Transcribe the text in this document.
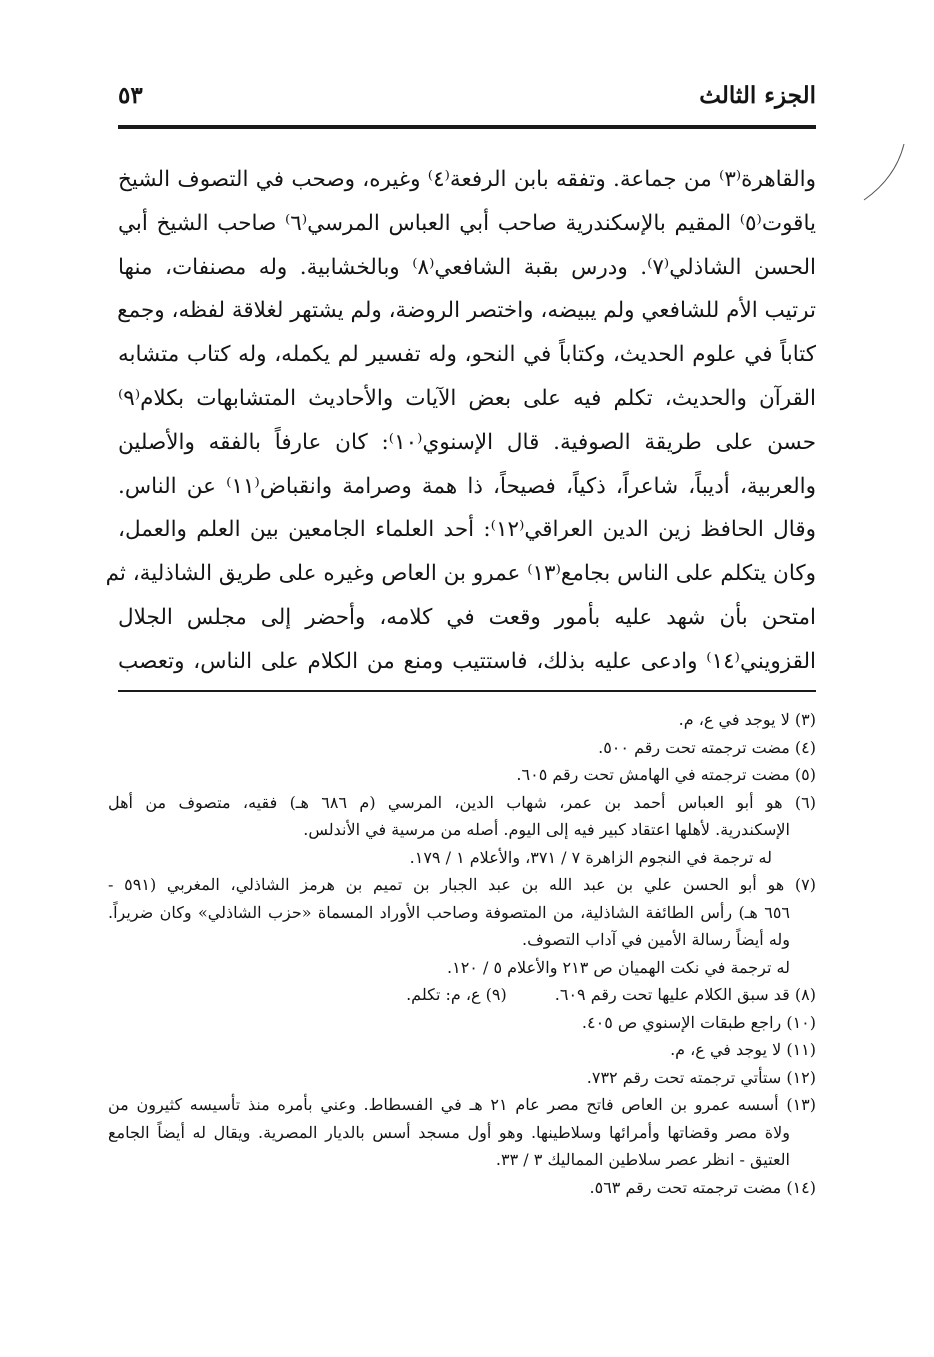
الجزء الثالث
٥٣
والقاهرة⁽٣⁾ من جماعة. وتفقه بابن الرفعة⁽٤⁾ وغيره، وصحب في التصوف الشيخ
ياقوت⁽٥⁾ المقيم بالإسكندرية صاحب أبي العباس المرسي⁽٦⁾ صاحب الشيخ أبي
الحسن الشاذلي⁽٧⁾. ودرس بقبة الشافعي⁽٨⁾ وبالخشابية. وله مصنفات، منها
ترتيب الأم للشافعي ولم يبيضه، واختصر الروضة، ولم يشتهر لغلاقة لفظه، وجمع
كتاباً في علوم الحديث، وكتاباً في النحو، وله تفسير لم يكمله، وله كتاب متشابه
القرآن والحديث، تكلم فيه على بعض الآيات والأحاديث المتشابهات بكلام⁽٩⁾
حسن على طريقة الصوفية. قال الإسنوي⁽١٠⁾: كان عارفاً بالفقه والأصلين
والعربية، أديباً، شاعراً، ذكياً، فصيحاً، ذا همة وصرامة وانقباض⁽١١⁾ عن الناس.
وقال الحافظ زين الدين العراقي⁽١٢⁾: أحد العلماء الجامعين بين العلم والعمل،
وكان يتكلم على الناس بجامع⁽١٣⁾ عمرو بن العاص وغيره على طريق الشاذلية، ثم
امتحن بأن شهد عليه بأمور وقعت في كلامه، وأحضر إلى مجلس الجلال
القزويني⁽١٤⁾ وادعى عليه بذلك، فاستتيب ومنع من الكلام على الناس، وتعصب
(٣) لا يوجد في ع، م.
(٤) مضت ترجمته تحت رقم ٥٠٠.
(٥) مضت ترجمته في الهامش تحت رقم ٦٠٥.
(٦) هو أبو العباس أحمد بن عمر، شهاب الدين، المرسي (م ٦٨٦ هـ) فقيه، متصوف من أهل
الإسكندرية. لأهلها اعتقاد كبير فيه إلى اليوم. أصله من مرسية في الأندلس.
له ترجمة في النجوم الزاهرة ٧ / ٣٧١، والأعلام ١ / ١٧٩.
(٧) هو أبو الحسن علي بن عبد الله بن عبد الجبار بن تميم بن هرمز الشاذلي، المغربي (٥٩١ -
٦٥٦ هـ) رأس الطائفة الشاذلية، من المتصوفة وصاحب الأوراد المسماة «حزب الشاذلي» وكان ضريراً.
وله أيضاً رسالة الأمين في آداب التصوف.
له ترجمة في نكت الهميان ص ٢١٣ والأعلام ٥ / ١٢٠.
(٨) قد سبق الكلام عليها تحت رقم ٦٠٩.(٩) ع، م: تكلم.
(١٠) راجع طبقات الإسنوي ص ٤٠٥.
(١١) لا يوجد في ع، م.
(١٢) ستأتي ترجمته تحت رقم ٧٣٢.
(١٣) أسسه عمرو بن العاص فاتح مصر عام ٢١ هـ في الفسطاط. وعني بأمره منذ تأسيسه كثيرون من
ولاة مصر وقضاتها وأمرائها وسلاطينها. وهو أول مسجد أسس بالديار المصرية. ويقال له أيضاً الجامع
العتيق - انظر عصر سلاطين المماليك ٣ / ٣٣.
(١٤) مضت ترجمته تحت رقم ٥٦٣.
